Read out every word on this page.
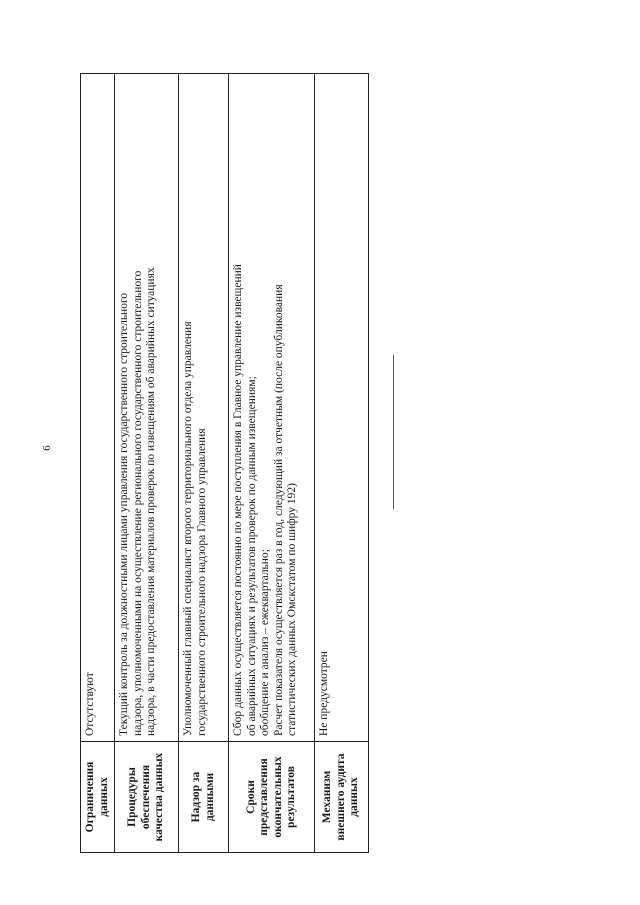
6
Ограничения данных	Отсутствуют

Процедуры обеспечения качества данных	Текущий контроль за должностными лицами управления государственного строительного надзора, уполномоченными на осуществление регионального государственного строительного надзора, в части предоставления материалов проверок по извещениям об аварийных ситуациях

Надзор за данными	Уполномоченный главный специалист второго территориального отдела управления государственного строительного надзора Главного управления

Сроки представления окончательных результатов	Сбор данных осуществляется постоянно по мере поступления в Главное управление извещений об аварийных ситуациях и результатов проверок по данным извещениям; обобщение и анализ – ежеквартально; Расчет показателя осуществляется раз в год, следующий за отчетным (после опубликования статистических данных Омскстатом по шифру 192)

Механизм внешнего аудита данных	Не предусмотрен
